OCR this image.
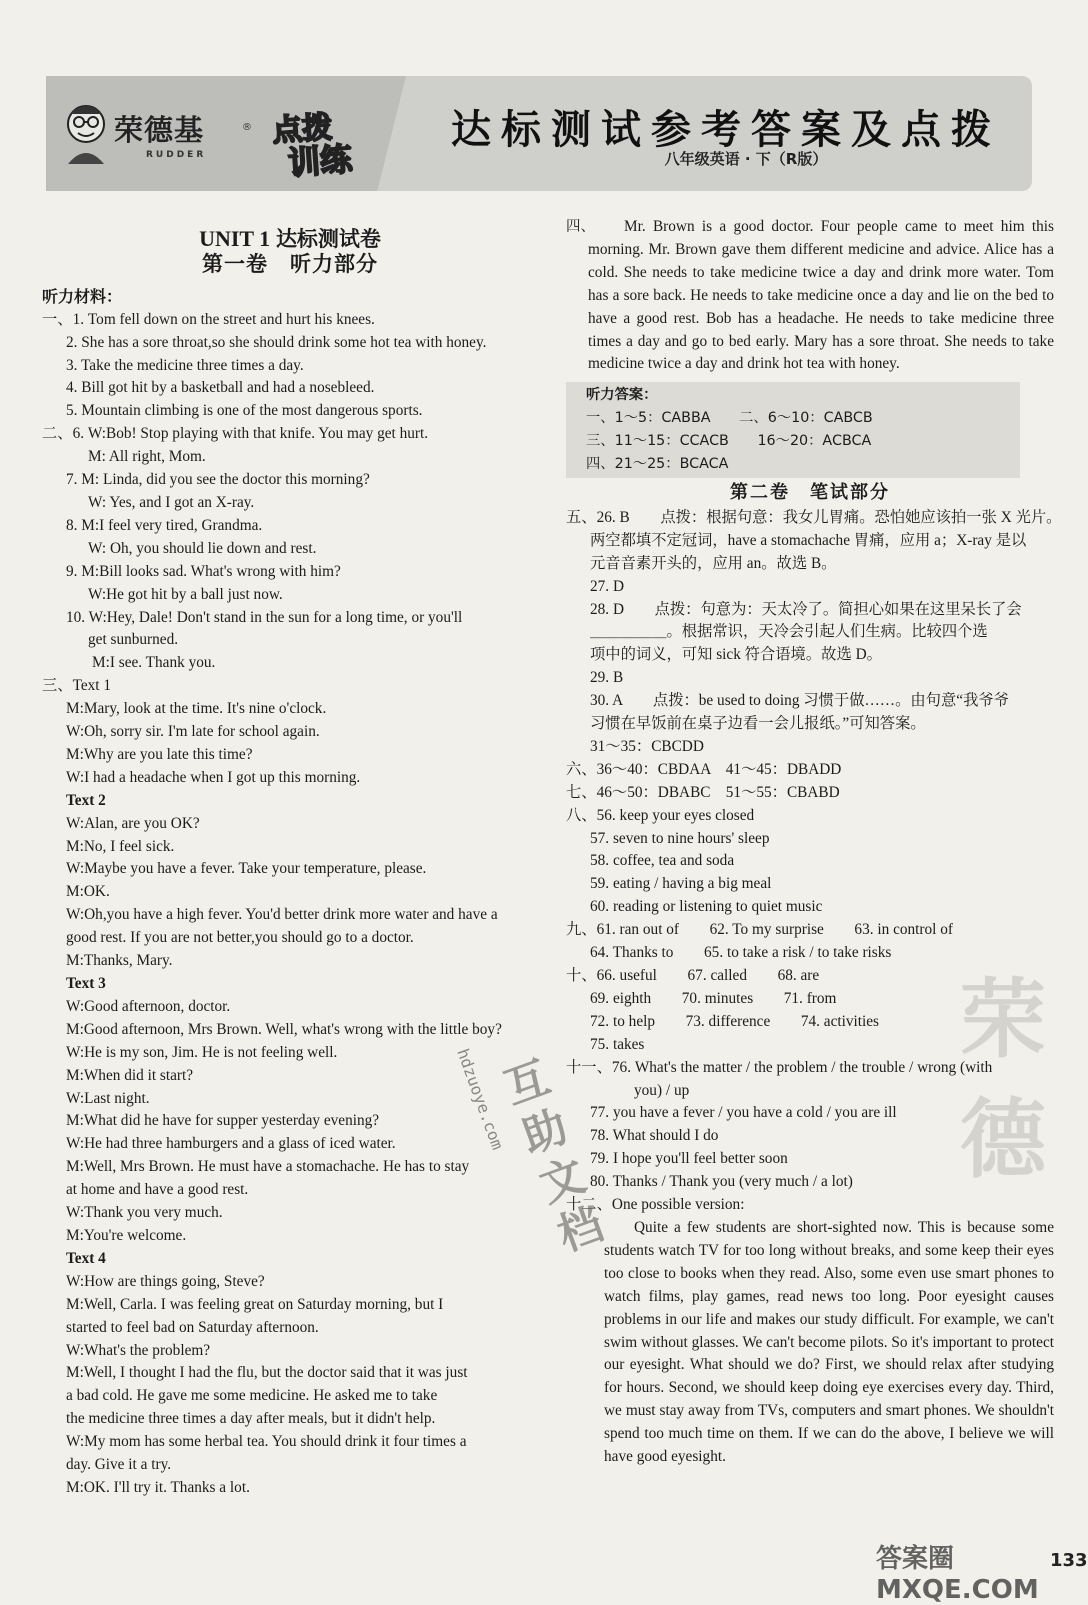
荣德基
RUDDER
® 点拨
训练
达标测试参考答案及点拨
八年级英语 · 下（R版）

UNIT 1 达标测试卷

第一卷　听力部分

听力材料：

一、1. Tom fell down on the street and hurt his knees.

2. She has a sore throat,so she should drink some hot tea with honey.

3. Take the medicine three times a day.

4. Bill got hit by a basketball and had a nosebleed.

5. Mountain climbing is one of the most dangerous sports.

二、6. W:Bob! Stop playing with that knife. You may get hurt.

M: All right, Mom.

7. M: Linda, did you see the doctor this morning?

W: Yes, and I got an X-ray.

8. M:I feel very tired, Grandma.

W: Oh, you should lie down and rest.

9. M:Bill looks sad. What's wrong with him?

W:He got hit by a ball just now.

10. W:Hey, Dale! Don't stand in the sun for a long time, or you'll

get sunburned.

M:I see. Thank you.

三、Text 1

M:Mary, look at the time. It's nine o'clock.

W:Oh, sorry sir. I'm late for school again.

M:Why are you late this time?

W:I had a headache when I got up this morning.

Text 2

W:Alan, are you OK?

M:No, I feel sick.

W:Maybe you have a fever. Take your temperature, please.

M:OK.

W:Oh,you have a high fever. You'd better drink more water and have a

good rest. If you are not better,you should go to a doctor.

M:Thanks, Mary.

Text 3

W:Good afternoon, doctor.

M:Good afternoon, Mrs Brown. Well, what's wrong with the little boy?

W:He is my son, Jim. He is not feeling well.

M:When did it start?

W:Last night.

M:What did he have for supper yesterday evening?

W:He had three hamburgers and a glass of iced water.

M:Well, Mrs Brown. He must have a stomachache. He has to stay

at home and have a good rest.

W:Thank you very much.

M:You're welcome.

Text 4

W:How are things going, Steve?

M:Well, Carla. I was feeling great on Saturday morning, but I

started to feel bad on Saturday afternoon.

W:What's the problem?

M:Well, I thought I had the flu, but the doctor said that it was just

a bad cold. He gave me some medicine. He asked me to take

the medicine three times a day after meals, but it didn't help.

W:My mom has some herbal tea. You should drink it four times a

day. Give it a try.

M:OK. I'll try it. Thanks a lot.

四、	Mr. Brown is a good doctor. Four people came to meet him this morning. Mr. Brown gave them different medicine and advice. Alice has a cold. She needs to take medicine twice a day and drink more water. Tom has a sore back. He needs to take medicine once a day and lie on the bed to have a good rest. Bob has a headache. He needs to take medicine three times a day and go to bed early. Mary has a sore throat. She needs to take medicine twice a day and drink hot tea with honey.

听力答案：

一、1～5：CABBA　　二、6～10：CABCB

三、11～15：CCACB　　16～20：ACBCA

四、21～25：BCACA

第二卷　笔试部分

五、26. B　　点拨：根据句意：我女儿胃痛。恐怕她应该拍一张 X 光片。

两空都填不定冠词，have a stomachache 胃痛，应用 a；X-ray 是以

元音音素开头的，应用 an。故选 B。

27. D

28. D　　点拨：句意为：天太冷了。简担心如果在这里呆长了会

＿＿＿＿＿。根据常识，天冷会引起人们生病。比较四个选

项中的词义，可知 sick 符合语境。故选 D。

29. B

30. A　　点拨：be used to doing 习惯于做……。由句意“我爷爷

习惯在早饭前在桌子边看一会儿报纸。”可知答案。

31～35：CBCDD

六、36～40：CBDAA　41～45：DBADD

七、46～50：DBABC　51～55：CBABD

八、56. keep your eyes closed

57. seven to nine hours' sleep

58. coffee, tea and soda

59. eating / having a big meal

60. reading or listening to quiet music

九、61. ran out of　　62. To my surprise　　63. in control of

64. Thanks to　　65. to take a risk / to take risks

十、66. useful　　67. called　　68. are

69. eighth　　70. minutes　　71. from

72. to help　　73. difference　　74. activities

75. takes

十一、76. What's the matter / the problem / the trouble / wrong (with

you) / up

77. you have a fever / you have a cold / you are ill

78. What should I do

79. I hope you'll feel better soon

80. Thanks / Thank you (very much / a lot)

十二、One possible version:

Quite a few students are short-sighted now. This is because some students watch TV for too long without breaks, and some keep their eyes too close to books when they read. Also, some even use smart phones to watch films, play games, read news too long. Poor eyesight causes problems in our life and makes our study difficult. For example, we can't swim without glasses. We can't become pilots. So it's important to protect our eyesight. What should we do? First, we should relax after studying for hours. Second, we should keep doing eye exercises every day. Third, we must stay away from TVs, computers and smart phones. We shouldn't spend too much time on them. If we can do the above, I believe we will have good eyesight.

hdzuoye.com
互助文档
荣德
答案圈 MXQE.COM
133
